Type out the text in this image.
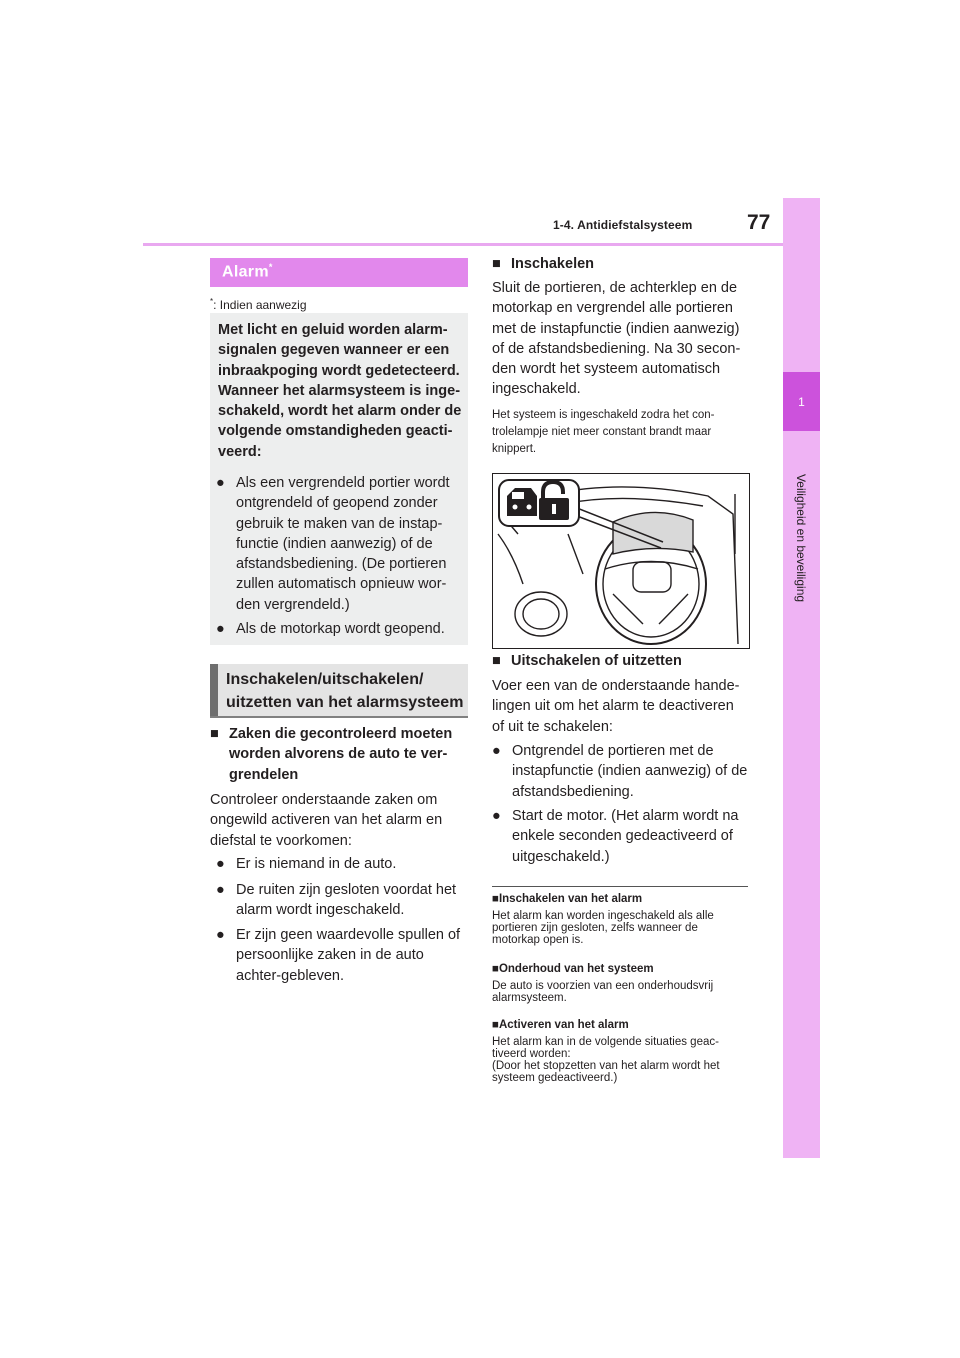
1-4. Antidiefstalsysteem	77
1
Veiligheid en beveiliging
Alarm*
*: Indien aanwezig
Met licht en geluid worden alarm-signalen gegeven wanneer er een inbraakpoging wordt gedetecteerd. Wanneer het alarmsysteem is inge-schakeld, wordt het alarm onder de volgende omstandigheden geacti-veerd:
● Als een vergrendeld portier wordt ontgrendeld of geopend zonder gebruik te maken van de instap-functie (indien aanwezig) of de afstandsbediening. (De portieren zullen automatisch opnieuw wor-den vergrendeld.)
● Als de motorkap wordt geopend.
Inschakelen/uitschakelen/ uitzetten van het alarmsysteem
■ Zaken die gecontroleerd moeten worden alvorens de auto te ver-grendelen
Controleer onderstaande zaken om ongewild activeren van het alarm en diefstal te voorkomen:
● Er is niemand in de auto.
● De ruiten zijn gesloten voordat het alarm wordt ingeschakeld.
● Er zijn geen waardevolle spullen of persoonlijke zaken in de auto achter-gebleven.
■ Inschakelen
Sluit de portieren, de achterklep en de motorkap en vergrendel alle portieren met de instapfunctie (indien aanwezig) of de afstandsbediening. Na 30 secon-den wordt het systeem automatisch ingeschakeld.
Het systeem is ingeschakeld zodra het con-trolelampje niet meer constant brandt maar knippert.
■ Uitschakelen of uitzetten
Voer een van de onderstaande hande-lingen uit om het alarm te deactiveren of uit te schakelen:
● Ontgrendel de portieren met de instapfunctie (indien aanwezig) of de afstandsbediening.
● Start de motor. (Het alarm wordt na enkele seconden gedeactiveerd of uitgeschakeld.)
■Inschakelen van het alarm
Het alarm kan worden ingeschakeld als alle portieren zijn gesloten, zelfs wanneer de motorkap open is.
■Onderhoud van het systeem
De auto is voorzien van een onderhoudsvrij alarmsysteem.
■Activeren van het alarm
Het alarm kan in de volgende situaties geac-tiveerd worden:
(Door het stopzetten van het alarm wordt het systeem gedeactiveerd.)
